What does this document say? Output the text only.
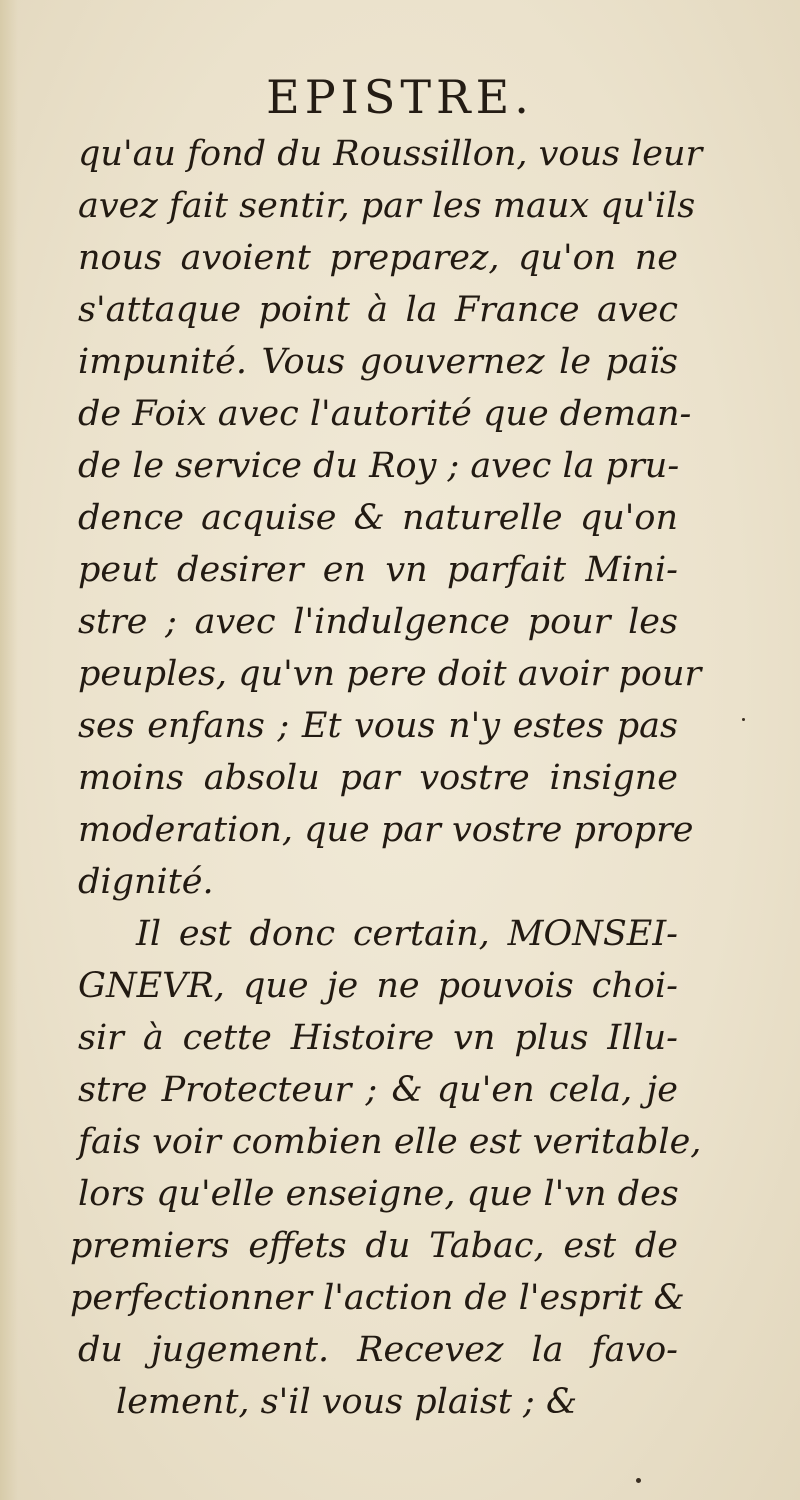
EPISTRE.
qu'au fond du Roussillon, vous leur
avez fait sentir, par les maux qu'ils
nous avoient preparez, qu'on ne
s'attaque point à la France avec
impunité. Vous gouvernez le païs
de Foix avec l'autorité que deman-
de le service du Roy ; avec la pru-
dence acquise & naturelle qu'on
peut desirer en vn parfait Mini-
stre ; avec l'indulgence pour les
peuples, qu'vn pere doit avoir pour
ses enfans ; Et vous n'y estes pas
moins absolu par vostre insigne
moderation, que par vostre propre
dignité.
Il est donc certain, MONSEI-
GNEVR, que je ne pouvois choi-
sir à cette Histoire vn plus Illu-
stre Protecteur ; & qu'en cela, je
fais voir combien elle est veritable,
lors qu'elle enseigne, que l'vn des
premiers effets du Tabac, est de
perfectionner l'action de l'esprit &
du jugement. Recevez la favo-
lement, s'il vous plaist ; &
